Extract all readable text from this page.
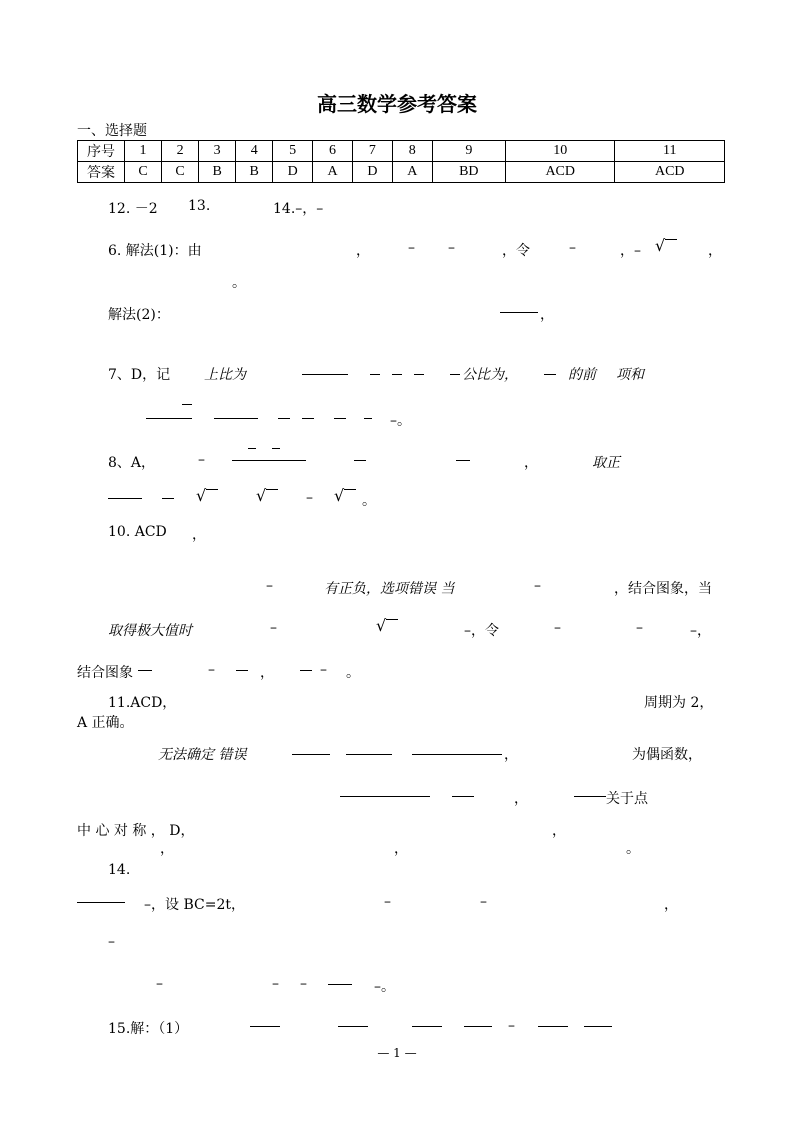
高三数学参考答案
一、选择题
序号	1	2	3	4	5	6	7	8	9	10	11
答案	C	C	B	B	D	A	D	A	BD	ACD	ACD
12. －2 13.	14.–，–
6. 解法(1)：由	，	– –	，令	–	，– √	，
。
解法(2)：	，
7、D，记 上比为	公比为，	的前 项和
–。
8、A，	–	，	取正
√	√	– √	。
10. ACD ，
–	有正负，选项错误 当	–	，结合图象，当
取得极大值时	–	√	–，令	–	–	–，
结合图象	–	，	– 。
11.ACD，	周期为 2，
A 正确。
无法确定 错误	，	为偶函数，
，	关于点
中 心 对 称 ， D，	，
，	，	。
14.
–，设 BC=2t，	–	–	，
–
–	– –	–。
15.解：（1）	–
— 1 —
